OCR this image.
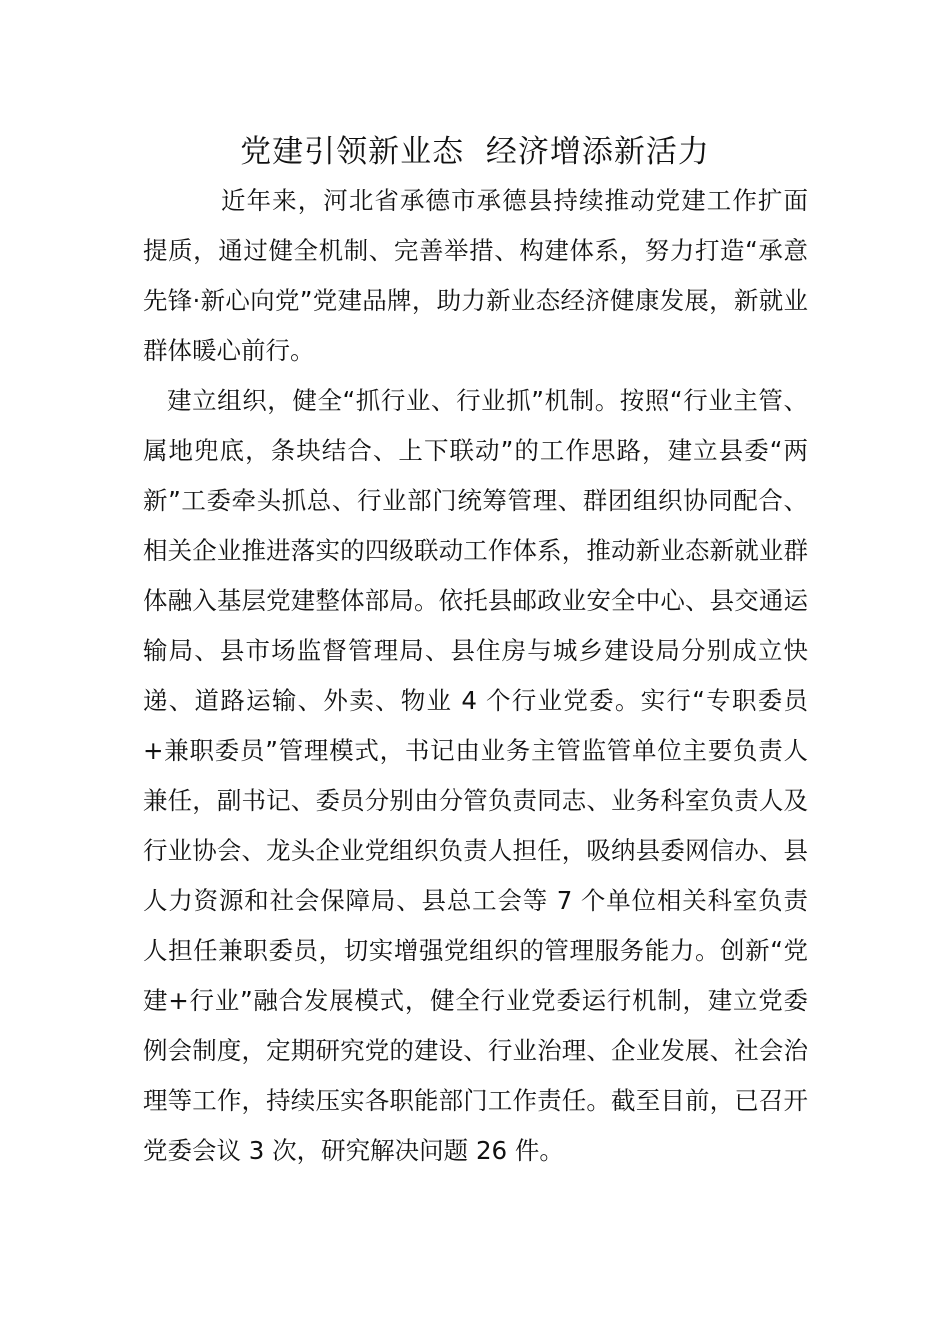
党建引领新业态  经济增添新活力

近年来，河北省承德市承德县持续推动党建工作扩面提质，通过健全机制、完善举措、构建体系，努力打造“承意先锋·新心向党”党建品牌，助力新业态经济健康发展，新就业群体暖心前行。

建立组织，健全“抓行业、行业抓”机制。按照“行业主管、属地兜底，条块结合、上下联动”的工作思路，建立县委“两新”工委牵头抓总、行业部门统筹管理、群团组织协同配合、相关企业推进落实的四级联动工作体系，推动新业态新就业群体融入基层党建整体部局。依托县邮政业安全中心、县交通运输局、县市场监督管理局、县住房与城乡建设局分别成立快递、道路运输、外卖、物业 4 个行业党委。实行“专职委员+兼职委员”管理模式，书记由业务主管监管单位主要负责人兼任，副书记、委员分别由分管负责同志、业务科室负责人及行业协会、龙头企业党组织负责人担任，吸纳县委网信办、县人力资源和社会保障局、县总工会等 7 个单位相关科室负责人担任兼职委员，切实增强党组织的管理服务能力。创新“党建+行业”融合发展模式，健全行业党委运行机制，建立党委例会制度，定期研究党的建设、行业治理、企业发展、社会治理等工作，持续压实各职能部门工作责任。截至目前，已召开党委会议 3 次，研究解决问题 26 件。
